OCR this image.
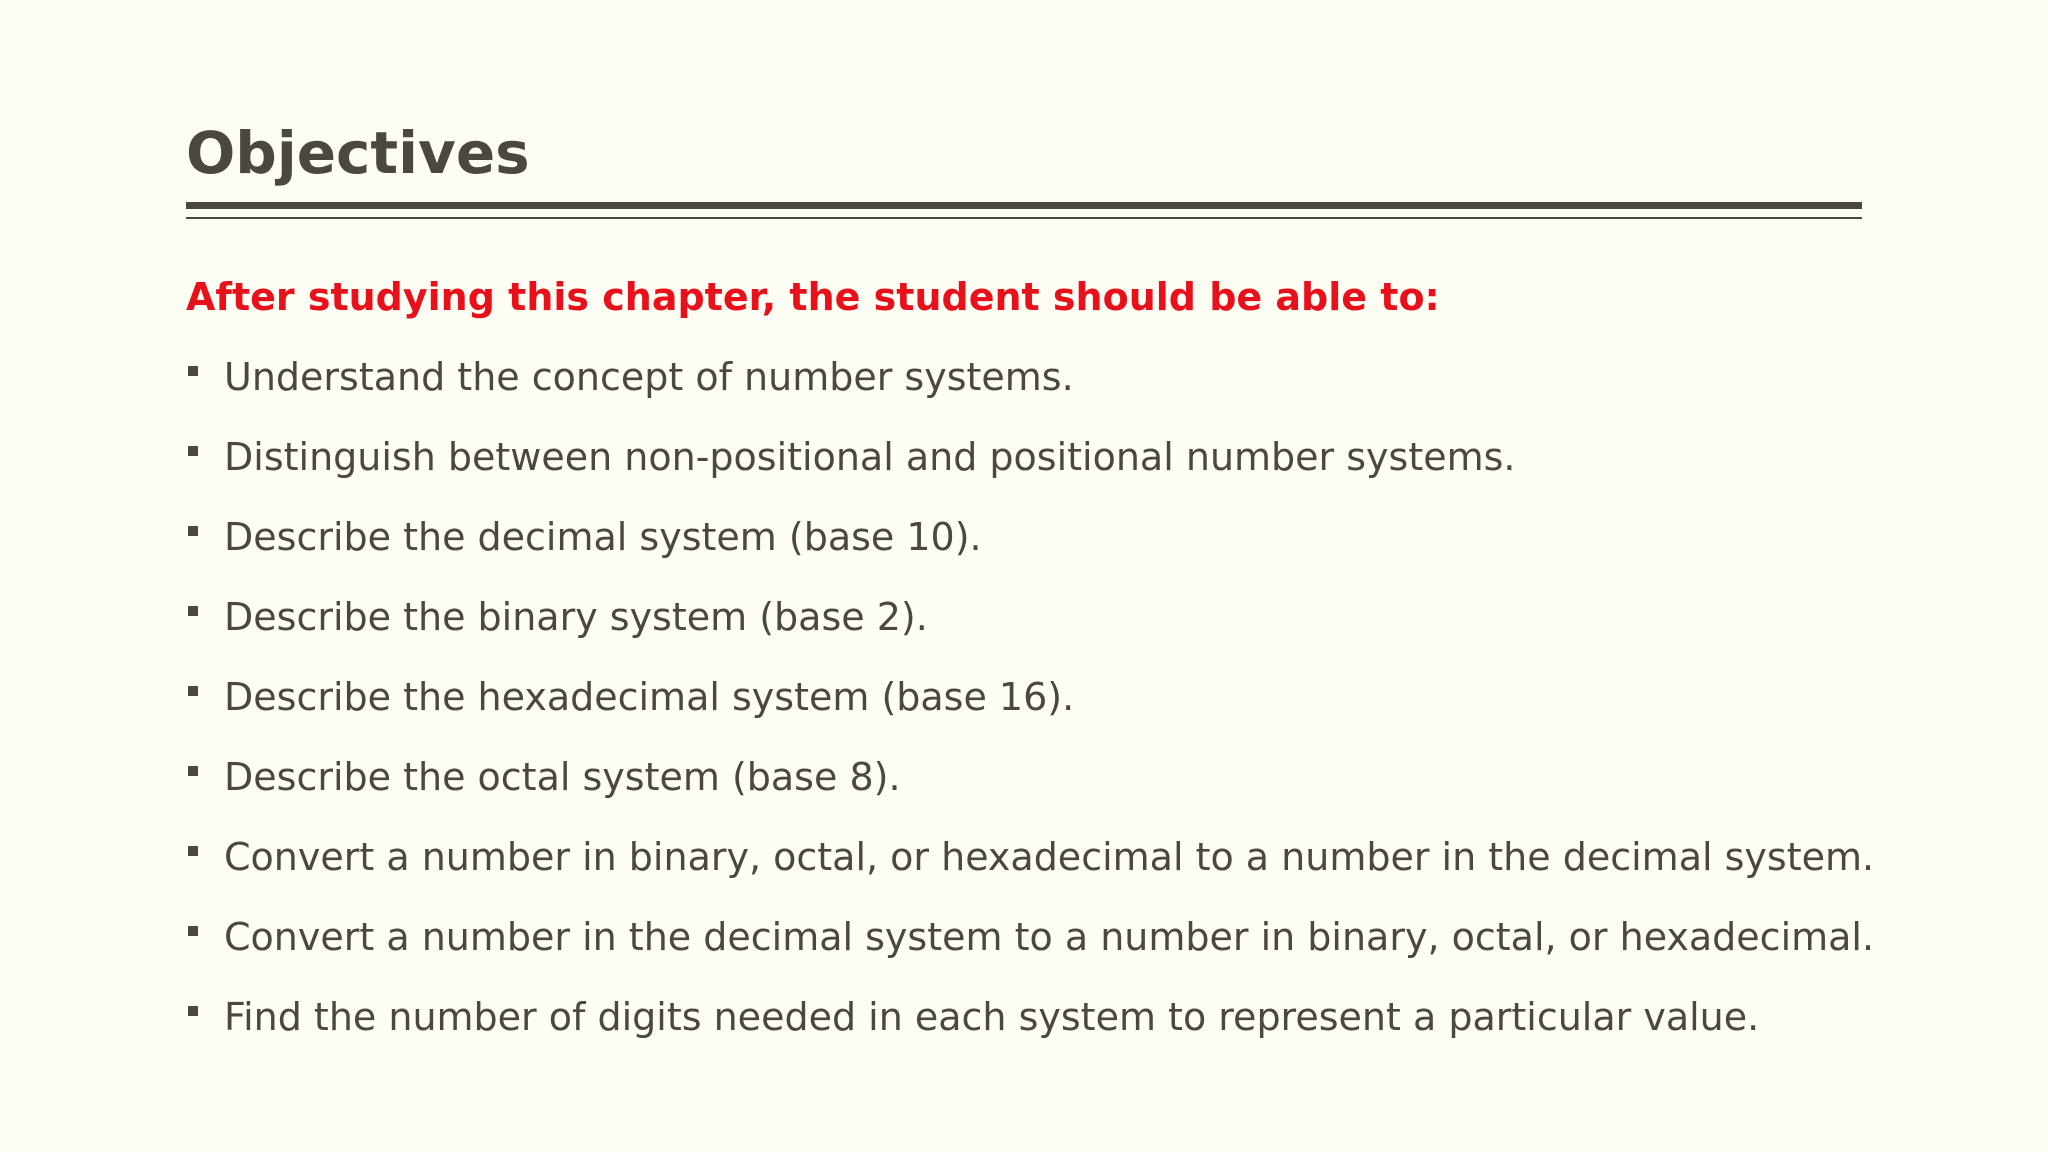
Objectives

After studying this chapter, the student should be able to:

Understand the concept of number systems.
Distinguish between non-positional and positional number systems.
Describe the decimal system (base 10).
Describe the binary system (base 2).
Describe the hexadecimal system (base 16).
Describe the octal system (base 8).
Convert a number in binary, octal, or hexadecimal to a number in the decimal system.
Convert a number in the decimal system to a number in binary, octal, or hexadecimal.
Find the number of digits needed in each system to represent a particular value.
